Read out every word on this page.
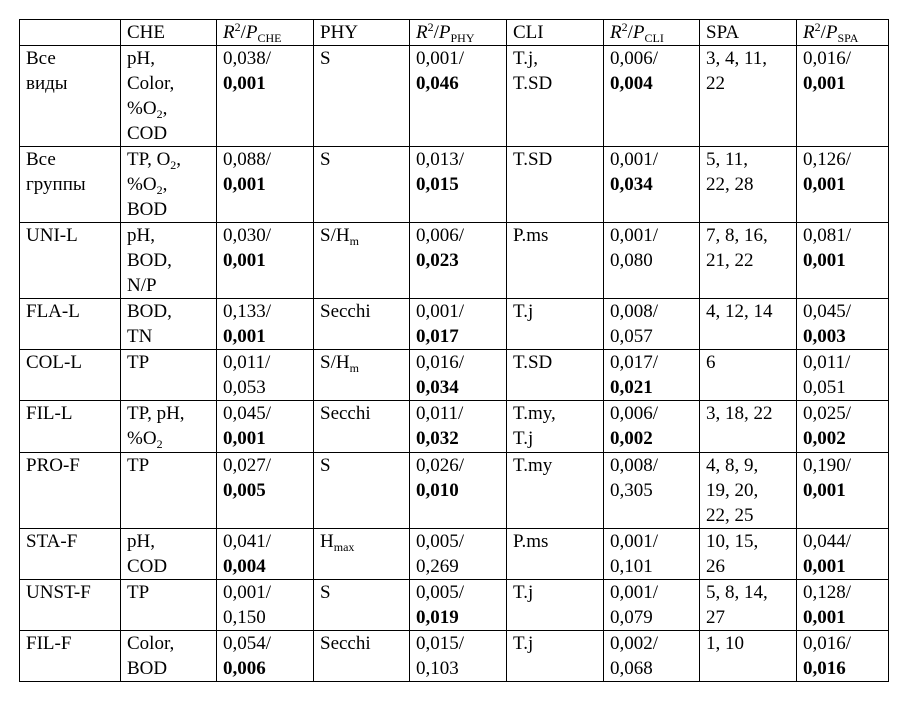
	CHE	$R^2/P_{CHE}$	PHY	$R^2/P_{PHY}$	CLI	$R^2/P_{CLI}$	SPA	$R^2/P_{SPA}$

Все
виды	pH,
Color,
$\%O_2$,
COD	0,038/
0,001	S	0,001/
0,046	T.j,
T.SD	0,006/
0,004	3, 4, 11,
22	0,016/
0,001

Все
группы	TP, $O_2$,
$\%O_2$,
BOD	0,088/
0,001	S	0,013/
0,015	T.SD	0,001/
0,034	5, 11,
22, 28	0,126/
0,001

UNI-L	pH,
BOD,
N/P	0,030/
0,001	$S/H_m$	0,006/
0,023	P.ms	0,001/
0,080	7, 8, 16,
21, 22	0,081/
0,001

FLA-L	BOD,
TN	0,133/
0,001	Secchi	0,001/
0,017	T.j	0,008/
0,057	4, 12, 14	0,045/
0,003

COL-L	TP	0,011/
0,053	$S/H_m$	0,016/
0,034	T.SD	0,017/
0,021	6	0,011/
0,051

FIL-L	TP, pH,
$\%O_2$	0,045/
0,001	Secchi	0,011/
0,032	T.my,
T.j	0,006/
0,002	3, 18, 22	0,025/
0,002

PRO-F	TP	0,027/
0,005	S	0,026/
0,010	T.my	0,008/
0,305	4, 8, 9,
19, 20,
22, 25	0,190/
0,001

STA-F	pH,
COD	0,041/
0,004	$H_{max}$	0,005/
0,269	P.ms	0,001/
0,101	10, 15,
26	0,044/
0,001

UNST-F	TP	0,001/
0,150	S	0,005/
0,019	T.j	0,001/
0,079	5, 8, 14,
27	0,128/
0,001

FIL-F	Color,
BOD	0,054/
0,006	Secchi	0,015/
0,103	T.j	0,002/
0,068	1, 10	0,016/
0,016
